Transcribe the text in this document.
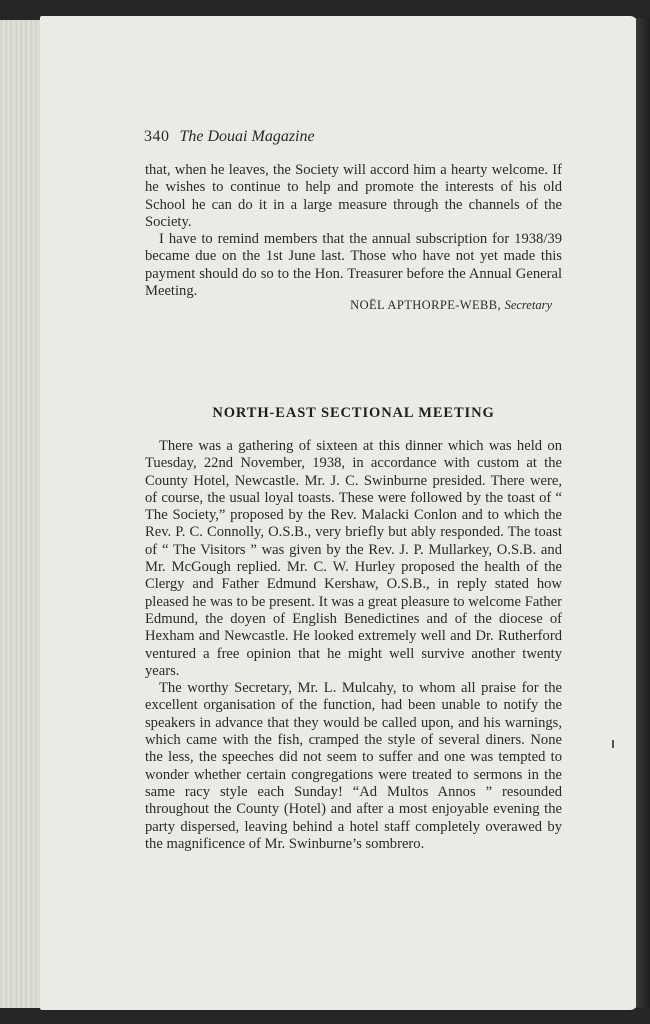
340 The Douai Magazine

that, when he leaves, the Society will accord him a hearty welcome. If he wishes to continue to help and promote the interests of his old School he can do it in a large measure through the channels of the Society.

I have to remind members that the annual subscription for 1938/39 became due on the 1st June last. Those who have not yet made this payment should do so to the Hon. Treasurer before the Annual General Meeting.

NOËL APTHORPE-WEBB, Secretary
NORTH-EAST SECTIONAL MEETING

There was a gathering of sixteen at this dinner which was held on Tuesday, 22nd November, 1938, in accordance with custom at the County Hotel, Newcastle. Mr. J. C. Swinburne presided. There were, of course, the usual loyal toasts. These were followed by the toast of “ The Society,” proposed by the Rev. Malacki Conlon and to which the Rev. P. C. Connolly, O.S.B., very briefly but ably responded. The toast of “ The Visitors ” was given by the Rev. J. P. Mullarkey, O.S.B. and Mr. McGough replied. Mr. C. W. Hurley proposed the health of the Clergy and Father Edmund Kershaw, O.S.B., in reply stated how pleased he was to be present. It was a great pleasure to welcome Father Edmund, the doyen of English Benedictines and of the diocese of Hexham and Newcastle. He looked extremely well and Dr. Rutherford ventured a free opinion that he might well survive another twenty years.

The worthy Secretary, Mr. L. Mulcahy, to whom all praise for the excellent organisation of the function, had been unable to notify the speakers in advance that they would be called upon, and his warnings, which came with the fish, cramped the style of several diners. None the less, the speeches did not seem to suffer and one was tempted to wonder whether certain congregations were treated to sermons in the same racy style each Sunday! “Ad Multos Annos ” resounded throughout the County (Hotel) and after a most enjoyable evening the party dispersed, leaving behind a hotel staff completely overawed by the magnificence of Mr. Swinburne’s sombrero.
